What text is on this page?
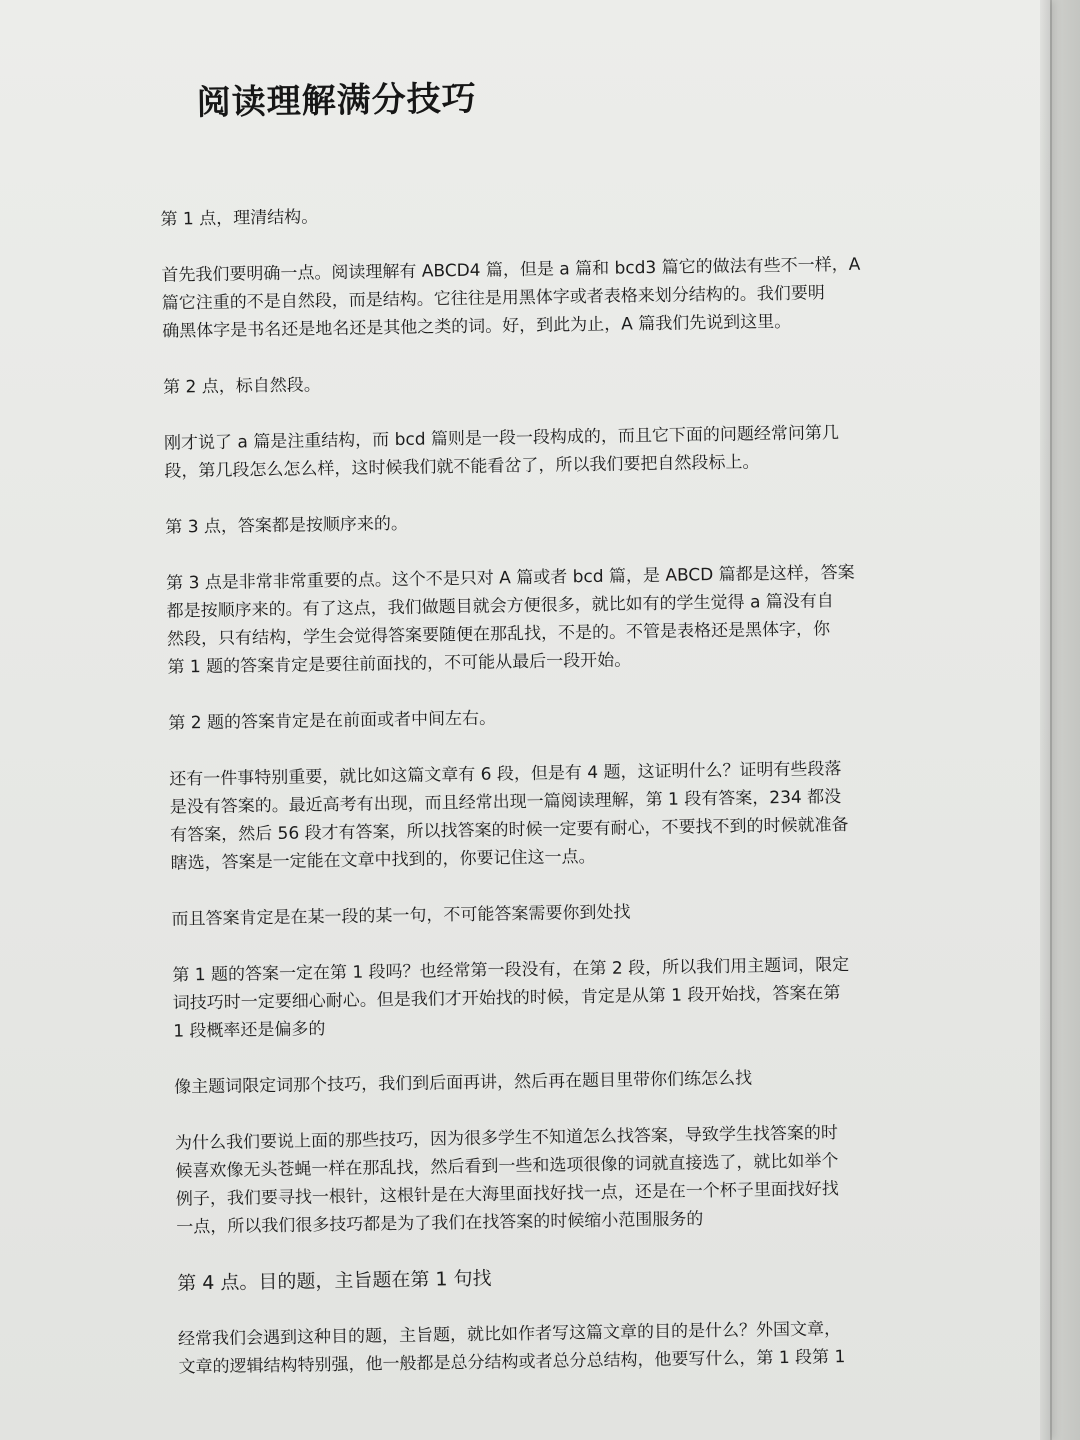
阅读理解满分技巧
第 1 点，理清结构。
首先我们要明确一点。阅读理解有 ABCD4 篇，但是 a 篇和 bcd3 篇它的做法有些不一样，A
篇它注重的不是自然段，而是结构。它往往是用黑体字或者表格来划分结构的。我们要明
确黑体字是书名还是地名还是其他之类的词。好，到此为止，A 篇我们先说到这里。
第 2 点，标自然段。
刚才说了 a 篇是注重结构，而 bcd 篇则是一段一段构成的，而且它下面的问题经常问第几
段，第几段怎么怎么样，这时候我们就不能看岔了，所以我们要把自然段标上。
第 3 点，答案都是按顺序来的。
第 3 点是非常非常重要的点。这个不是只对 A 篇或者 bcd 篇，是 ABCD 篇都是这样，答案
都是按顺序来的。有了这点，我们做题目就会方便很多，就比如有的学生觉得 a 篇没有自
然段，只有结构，学生会觉得答案要随便在那乱找，不是的。不管是表格还是黑体字，你
第 1 题的答案肯定是要往前面找的，不可能从最后一段开始。
第 2 题的答案肯定是在前面或者中间左右。
还有一件事特别重要，就比如这篇文章有 6 段，但是有 4 题，这证明什么？证明有些段落
是没有答案的。最近高考有出现，而且经常出现一篇阅读理解，第 1 段有答案，234 都没
有答案，然后 56 段才有答案，所以找答案的时候一定要有耐心，不要找不到的时候就准备
瞎选，答案是一定能在文章中找到的，你要记住这一点。
而且答案肯定是在某一段的某一句，不可能答案需要你到处找
第 1 题的答案一定在第 1 段吗？也经常第一段没有，在第 2 段，所以我们用主题词，限定
词技巧时一定要细心耐心。但是我们才开始找的时候，肯定是从第 1 段开始找，答案在第
1 段概率还是偏多的
像主题词限定词那个技巧，我们到后面再讲，然后再在题目里带你们练怎么找
为什么我们要说上面的那些技巧，因为很多学生不知道怎么找答案，导致学生找答案的时
候喜欢像无头苍蝇一样在那乱找，然后看到一些和选项很像的词就直接选了，就比如举个
例子，我们要寻找一根针，这根针是在大海里面找好找一点，还是在一个杯子里面找好找
一点，所以我们很多技巧都是为了我们在找答案的时候缩小范围服务的
第 4 点。目的题，主旨题在第 1 句找
经常我们会遇到这种目的题，主旨题，就比如作者写这篇文章的目的是什么？外国文章，
文章的逻辑结构特别强，他一般都是总分结构或者总分总结构，他要写什么，第 1 段第 1
